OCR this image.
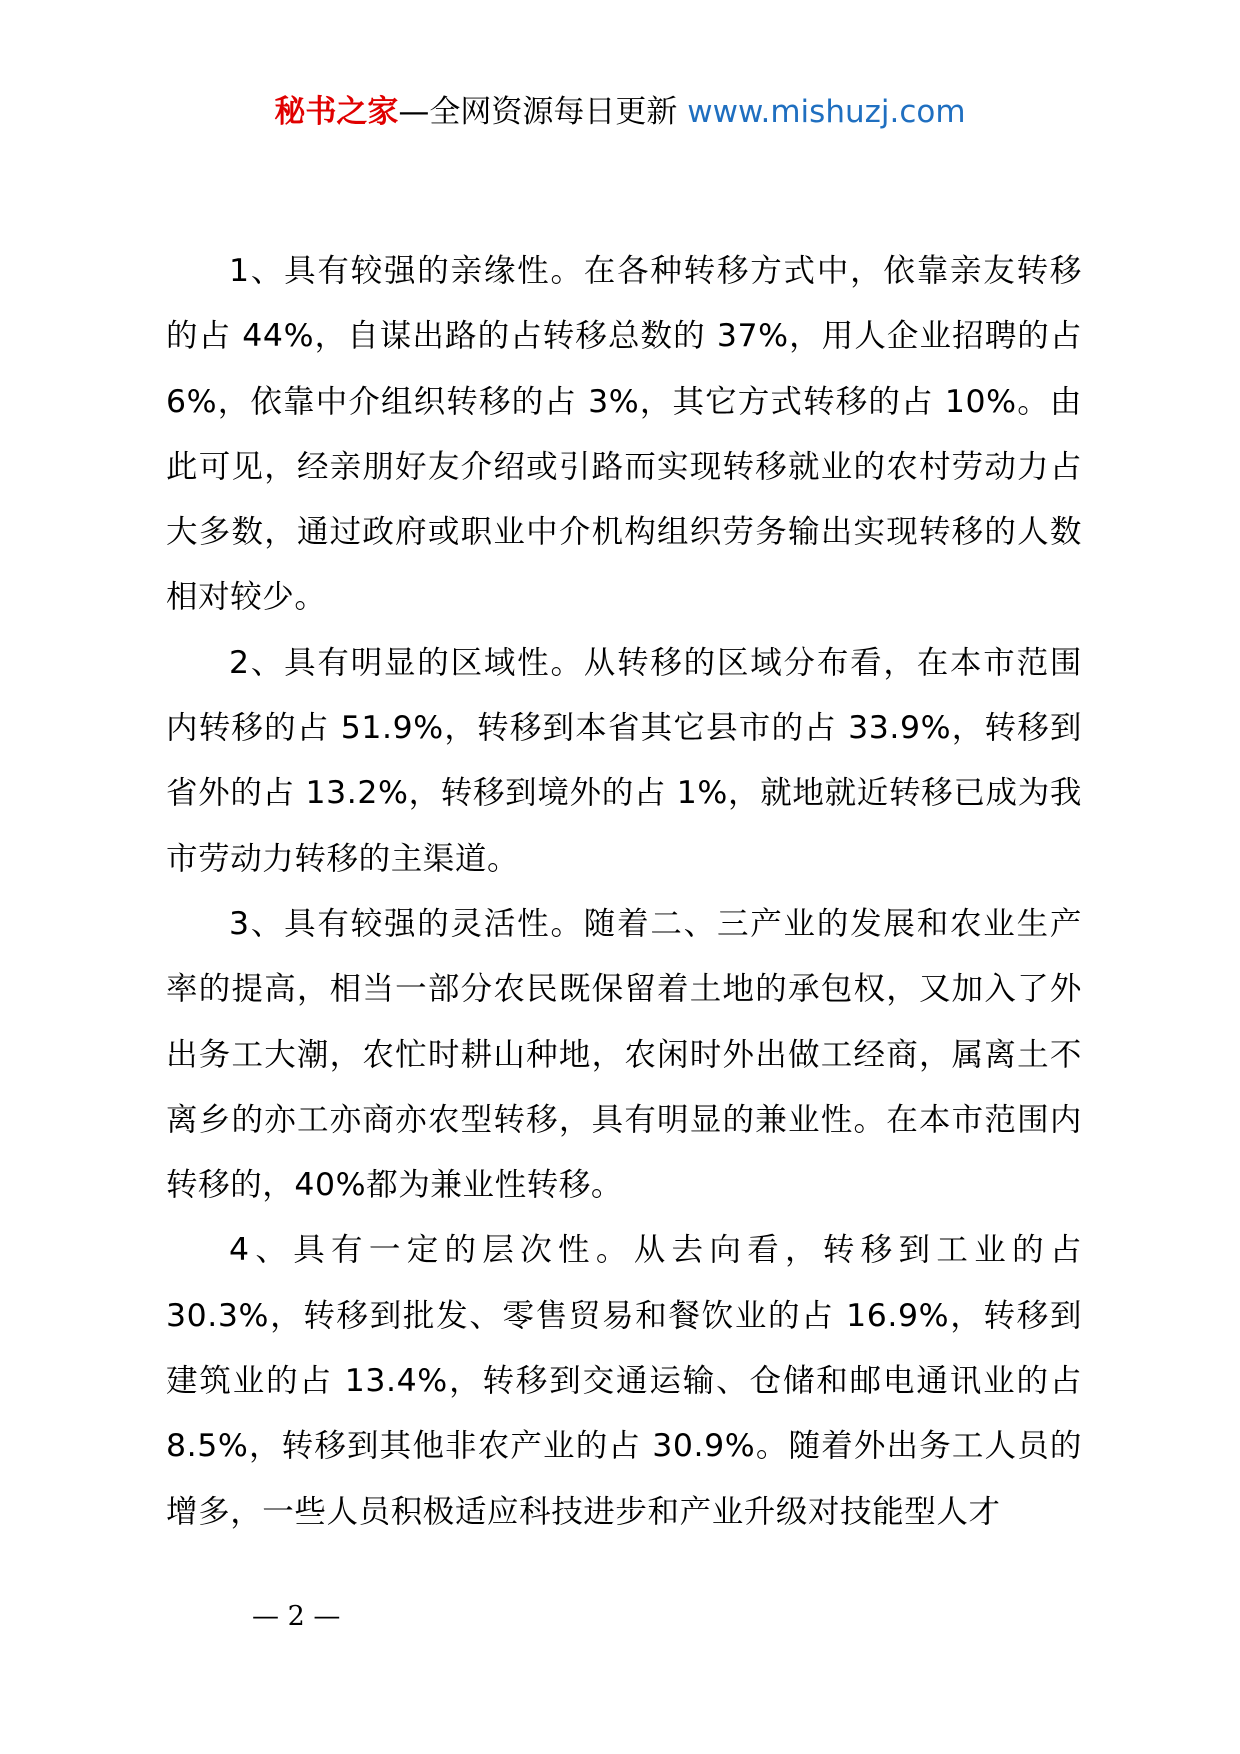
秘书之家—全网资源每日更新 www.mishuzj.com

1、具有较强的亲缘性。在各种转移方式中，依靠亲友转移的占 44%，自谋出路的占转移总数的 37%，用人企业招聘的占 6%，依靠中介组织转移的占 3%，其它方式转移的占 10%。由此可见，经亲朋好友介绍或引路而实现转移就业的农村劳动力占大多数，通过政府或职业中介机构组织劳务输出实现转移的人数相对较少。

2、具有明显的区域性。从转移的区域分布看，在本市范围内转移的占 51.9%，转移到本省其它县市的占 33.9%，转移到省外的占 13.2%，转移到境外的占 1%，就地就近转移已成为我市劳动力转移的主渠道。

3、具有较强的灵活性。随着二、三产业的发展和农业生产率的提高，相当一部分农民既保留着土地的承包权，又加入了外出务工大潮，农忙时耕山种地，农闲时外出做工经商，属离土不离乡的亦工亦商亦农型转移，具有明显的兼业性。在本市范围内转移的，40%都为兼业性转移。

4、具有一定的层次性。从去向看，转移到工业的占 30.3%，转移到批发、零售贸易和餐饮业的占 16.9%，转移到建筑业的占 13.4%，转移到交通运输、仓储和邮电通讯业的占 8.5%，转移到其他非农产业的占 30.9%。随着外出务工人员的增多，一些人员积极适应科技进步和产业升级对技能型人才

— 2 —
